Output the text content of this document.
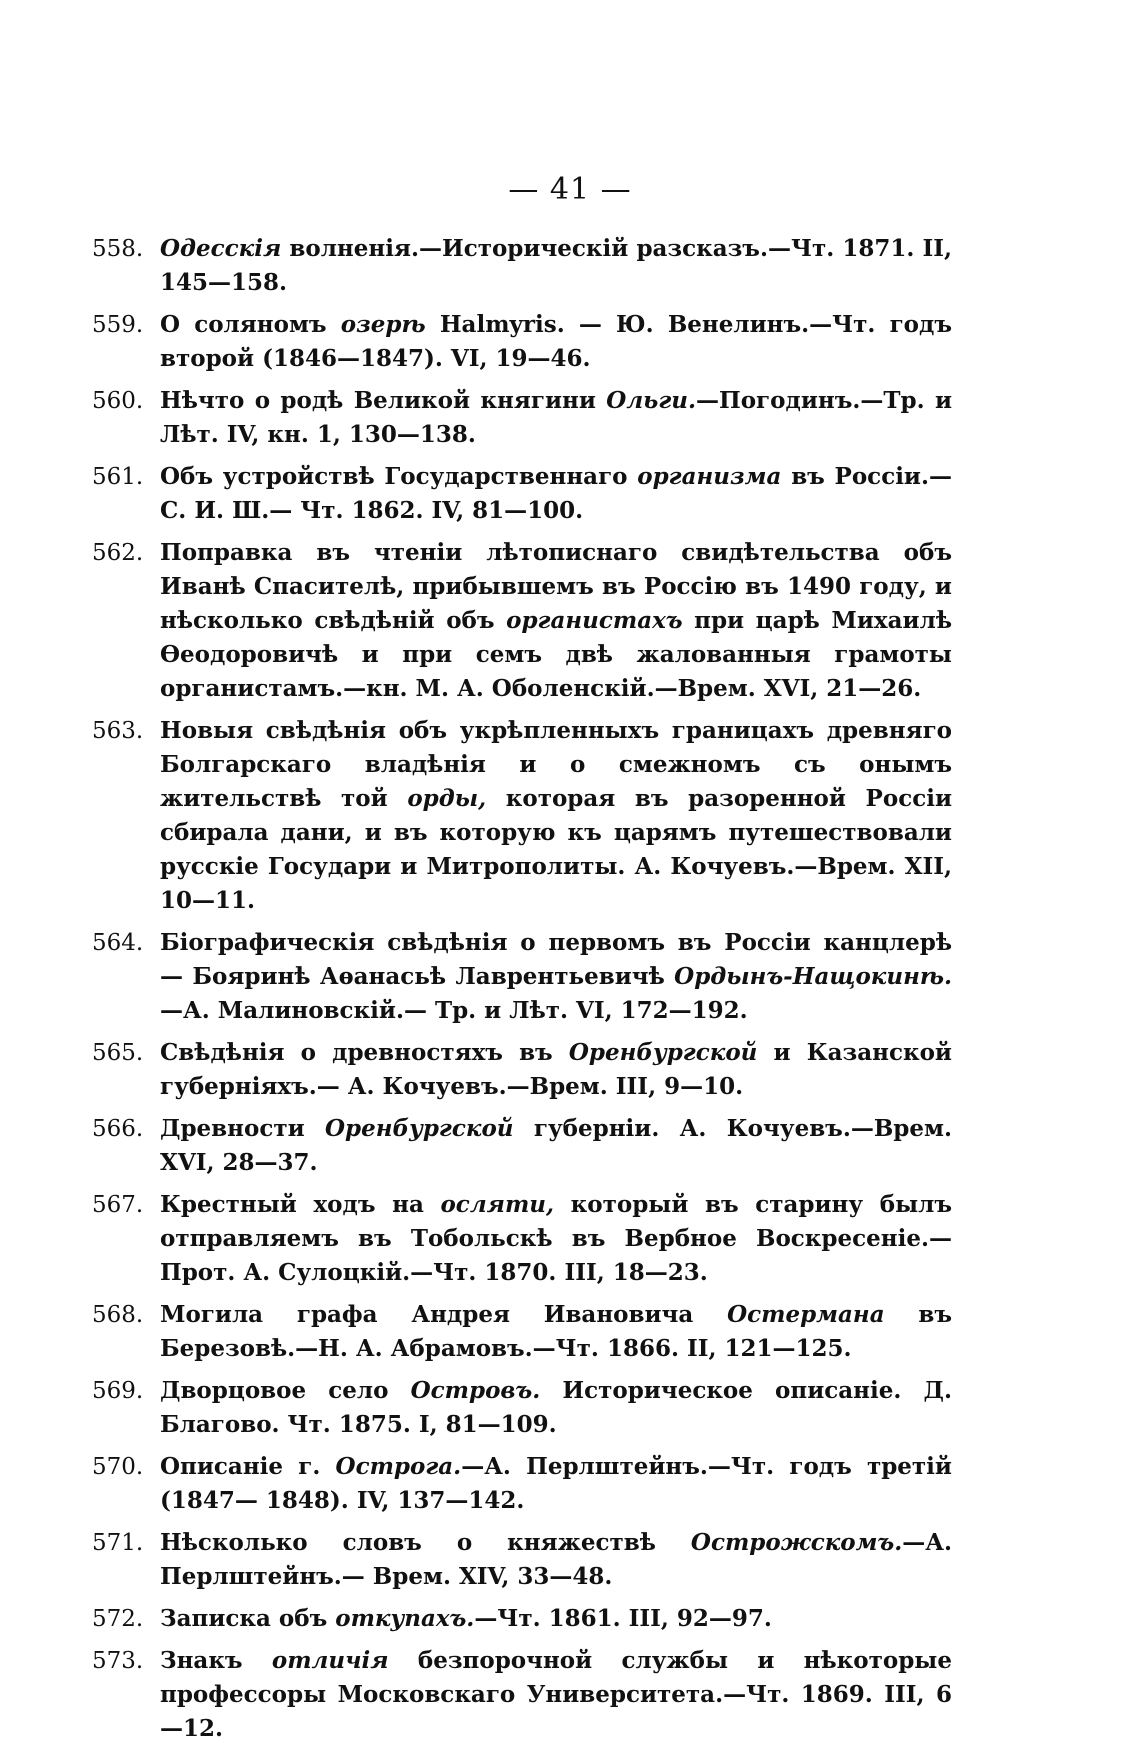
— 41 —
558. Одесскія волненія.—Историческій разсказъ.—Чт. 1871. II, 145—158.
559. О соляномъ озерѣ Halmyris. — Ю. Венелинъ.—Чт. годъ второй (1846—1847). VI, 19—46.
560. Нѣчто о родѣ Великой княгини Ольги.—Погодинъ.—Тр. и Лѣт. IV, кн. 1, 130—138.
561. Объ устройствѣ Государственнаго организма въ Россіи.—С. И. Ш.— Чт. 1862. IV, 81—100.
562. Поправка въ чтеніи лѣтописнаго свидѣтельства объ Иванѣ Спасителѣ, прибывшемъ въ Россію въ 1490 году, и нѣсколько свѣдѣній объ органистахъ при царѣ Михаилѣ Ѳеодоровичѣ и при семъ двѣ жалованныя грамоты органистамъ.—кн. М. А. Оболенскій.—Врем. XVI, 21—26.
563. Новыя свѣдѣнія объ укрѣпленныхъ границахъ древняго Болгарскаго владѣнія и о смежномъ съ онымъ жительствѣ той орды, которая въ разоренной Россіи сбирала дани, и въ которую къ царямъ путешествовали русскіе Государи и Митрополиты. А. Кочуевъ.—Врем. XII, 10—11.
564. Біографическія свѣдѣнія о первомъ въ Россіи канцлерѣ — Бояринѣ Аѳанасьѣ Лаврентьевичѣ Ордынъ-Нащокинѣ.—А. Малиновскій.— Тр. и Лѣт. VI, 172—192.
565. Свѣдѣнія о древностяхъ въ Оренбургской и Казанской губерніяхъ.— А. Кочуевъ.—Врем. III, 9—10.
566. Древности Оренбургской губерніи. А. Кочуевъ.—Врем. XVI, 28—37.
567. Крестный ходъ на осляти, который въ старину былъ отправляемъ въ Тобольскѣ въ Вербное Воскресеніе.—Прот. А. Сулоцкій.—Чт. 1870. III, 18—23.
568. Могила графа Андрея Ивановича Остермана въ Березовѣ.—Н. А. Абрамовъ.—Чт. 1866. II, 121—125.
569. Дворцовое село Островъ. Историческое описаніе. Д. Благово. Чт. 1875. I, 81—109.
570. Описаніе г. Острога.—А. Перлштейнъ.—Чт. годъ третій (1847— 1848). IV, 137—142.
571. Нѣсколько словъ о княжествѣ Острожскомъ.—А. Перлштейнъ.— Врем. XIV, 33—48.
572. Записка объ откупахъ.—Чт. 1861. III, 92—97.
573. Знакъ отличія безпорочной службы и нѣкоторые профессоры Московскаго Университета.—Чт. 1869. III, 6—12.
